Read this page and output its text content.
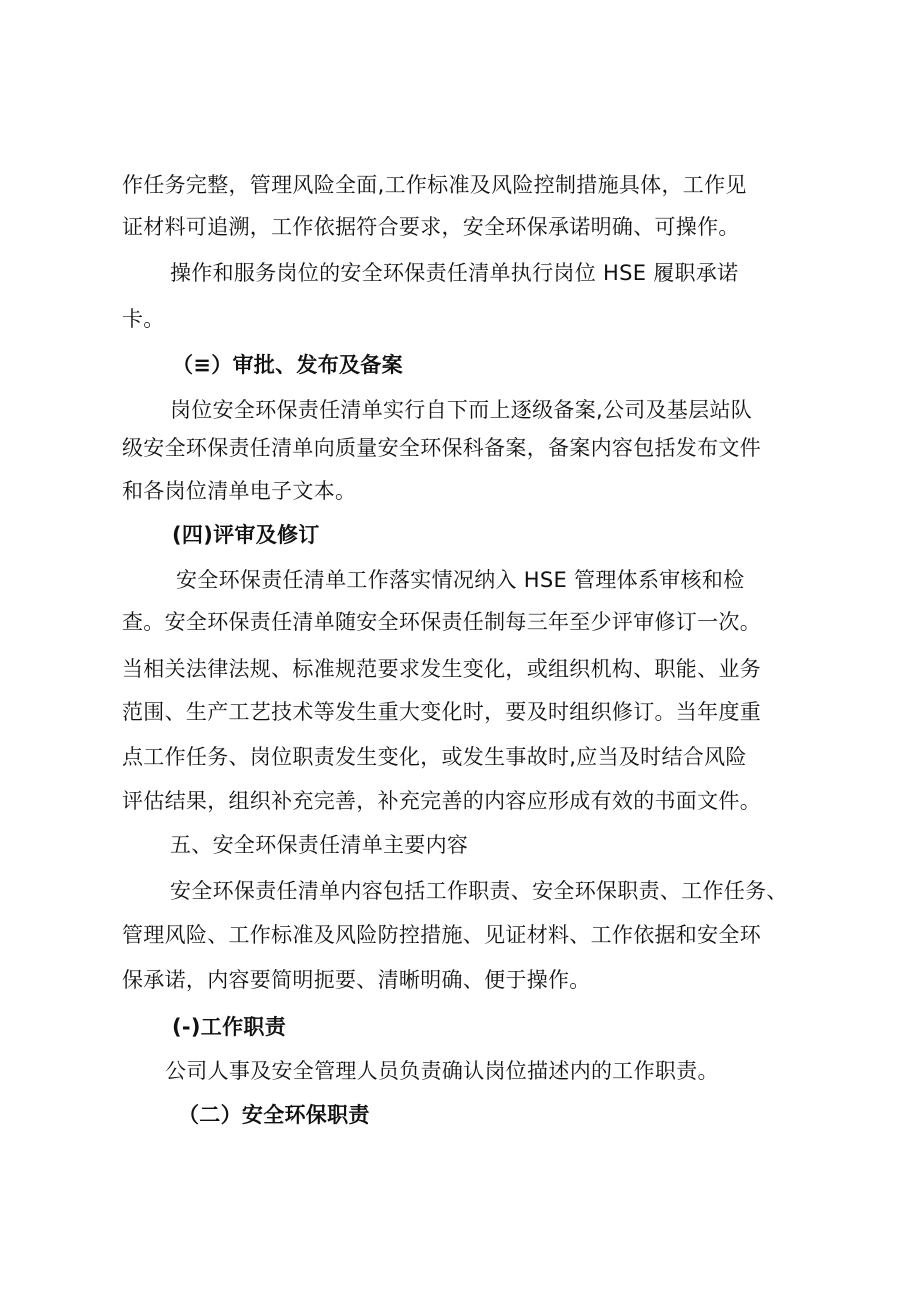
作任务完整，管理风险全面,工作标准及风险控制措施具体，工作见
证材料可追溯，工作依据符合要求，安全环保承诺明确、可操作。
操作和服务岗位的安全环保责任清单执行岗位 HSE 履职承诺
卡。
（≡）审批、发布及备案
岗位安全环保责任清单实行自下而上逐级备案,公司及基层站队
级安全环保责任清单向质量安全环保科备案，备案内容包括发布文件
和各岗位清单电子文本。
(四)评审及修订
安全环保责任清单工作落实情况纳入 HSE 管理体系审核和检
查。安全环保责任清单随安全环保责任制每三年至少评审修订一次。
当相关法律法规、标准规范要求发生变化，或组织机构、职能、业务
范围、生产工艺技术等发生重大变化时，要及时组织修订。当年度重
点工作任务、岗位职责发生变化，或发生事故时,应当及时结合风险
评估结果，组织补充完善，补充完善的内容应形成有效的书面文件。
五、安全环保责任清单主要内容
安全环保责任清单内容包括工作职责、安全环保职责、工作任务、
管理风险、工作标准及风险防控措施、见证材料、工作依据和安全环
保承诺，内容要简明扼要、清晰明确、便于操作。
(-)工作职责
公司人事及安全管理人员负责确认岗位描述内的工作职责。
（二）安全环保职责
